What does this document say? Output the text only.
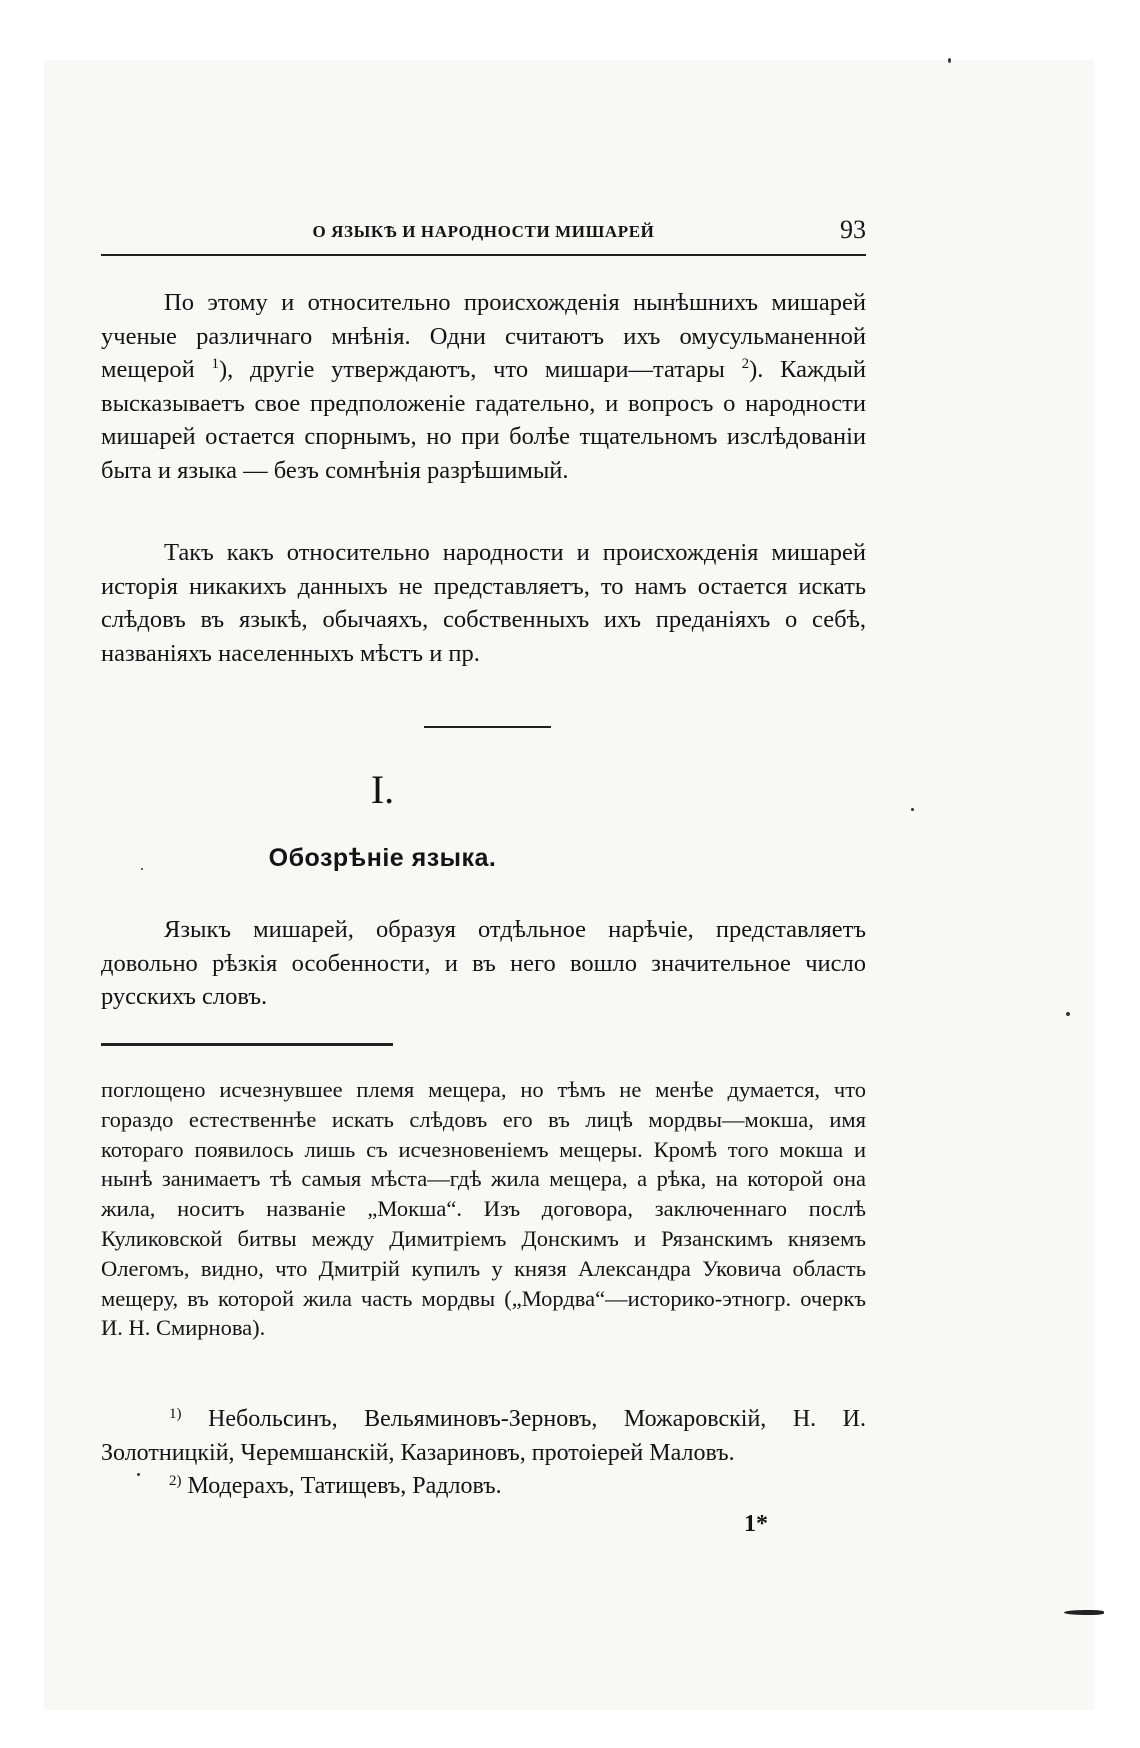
О ЯЗЫКѢ И НАРОДНОСТИ МИШАРЕЙ	93

По этому и относительно происхожденія нынѣшнихъ мишарей ученые различнаго мнѣнія. Одни считаютъ ихъ омусульманенной мещерой $^1$), другіе утверждаютъ, что мишари—татары $^2$). Каждый высказываетъ свое предположеніе гадательно, и вопросъ о народности мишарей остается спорнымъ, но при болѣе тщательномъ изслѣдованіи быта и языка — безъ сомнѣнія разрѣшимый.

Такъ какъ относительно народности и происхожденія мишарей исторія никакихъ данныхъ не представляетъ, то намъ остается искать слѣдовъ въ языкѣ, обычаяхъ, собственныхъ ихъ преданіяхъ о себѣ, названіяхъ населенныхъ мѣстъ и пр.

I.
Обозрѣніе языка.

Языкъ мишарей, образуя отдѣльное нарѣчіе, представляетъ довольно рѣзкія особенности, и въ него вошло значительное число русскихъ словъ.

поглощено исчезнувшее племя мещера, но тѣмъ не менѣе думается, что гораздо естественнѣе искать слѣдовъ его въ лицѣ мордвы—мокша, имя котораго появилось лишь съ исчезновеніемъ мещеры. Кромѣ того мокша и нынѣ занимаетъ тѣ самыя мѣста—гдѣ жила мещера, а рѣка, на которой она жила, носитъ названіе „Мокша“. Изъ договора, заключеннаго послѣ Куликовской битвы между Димитріемъ Донскимъ и Рязанскимъ княземъ Олегомъ, видно, что Дмитрій купилъ у князя Александра Уковича область мещеру, въ которой жила часть мордвы („Мордва“—историко-этногр. очеркъ И. Н. Смирнова).

$^{1)}$ Небольсинъ, Вельяминовъ-Зерновъ, Можаровскій, Н. И. Золотницкій, Черемшанскій, Казариновъ, протоіерей Маловъ.

$^{2)}$ Модерахъ, Татищевъ, Радловъ.

1*
